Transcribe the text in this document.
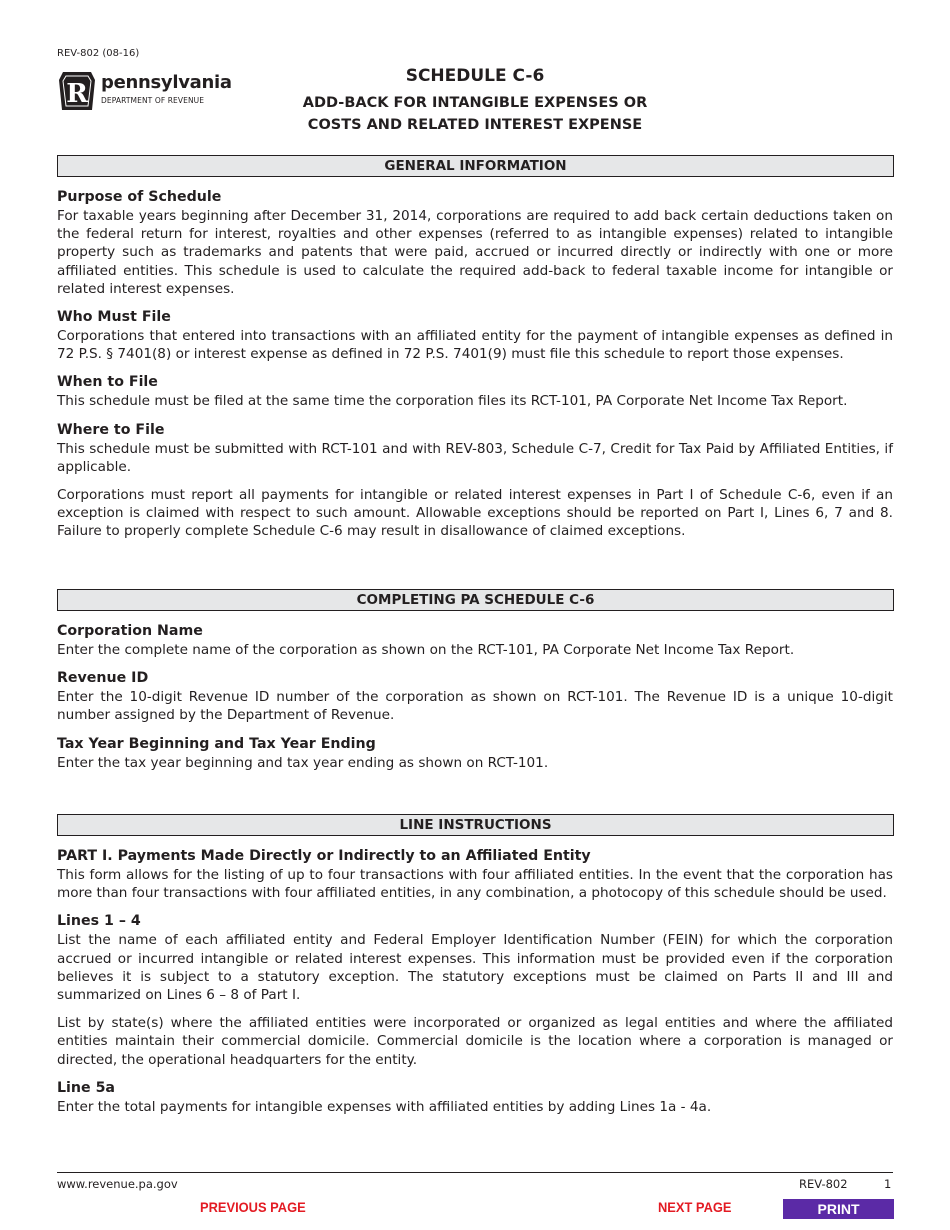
REV-802 (08-16)
R pennsylvania
DEPARTMENT OF REVENUE
SCHEDULE C-6
ADD-BACK FOR INTANGIBLE EXPENSES OR
COSTS AND RELATED INTEREST EXPENSE
GENERAL INFORMATION
Purpose of Schedule

For taxable years beginning after December 31, 2014, corporations are required to add back certain deductions taken on the federal return for interest, royalties and other expenses (referred to as intangible expenses) related to intangible property such as trademarks and patents that were paid, accrued or incurred directly or indirectly with one or more affiliated entities. This schedule is used to calculate the required add-back to federal taxable income for intangible or related interest expenses.

Who Must File

Corporations that entered into transactions with an affiliated entity for the payment of intangible expenses as defined in 72 P.S. § 7401(8) or interest expense as defined in 72 P.S. 7401(9) must file this schedule to report those expenses.

When to File

This schedule must be filed at the same time the corporation files its RCT-101, PA Corporate Net Income Tax Report.

Where to File

This schedule must be submitted with RCT-101 and with REV-803, Schedule C-7, Credit for Tax Paid by Affiliated Entities, if applicable.

Corporations must report all payments for intangible or related interest expenses in Part I of Schedule C-6, even if an exception is claimed with respect to such amount. Allowable exceptions should be reported on Part I, Lines 6, 7 and 8. Failure to properly complete Schedule C-6 may result in disallowance of claimed exceptions.

COMPLETING PA SCHEDULE C-6
Corporation Name

Enter the complete name of the corporation as shown on the RCT-101, PA Corporate Net Income Tax Report.

Revenue ID

Enter the 10-digit Revenue ID number of the corporation as shown on RCT-101. The Revenue ID is a unique 10-digit number assigned by the Department of Revenue.

Tax Year Beginning and Tax Year Ending

Enter the tax year beginning and tax year ending as shown on RCT-101.

LINE INSTRUCTIONS
PART I. Payments Made Directly or Indirectly to an Affiliated Entity

This form allows for the listing of up to four transactions with four affiliated entities. In the event that the corporation has more than four transactions with four affiliated entities, in any combination, a photocopy of this schedule should be used.

Lines 1 – 4

List the name of each affiliated entity and Federal Employer Identification Number (FEIN) for which the corporation accrued or incurred intangible or related interest expenses. This information must be provided even if the corporation believes it is subject to a statutory exception. The statutory exceptions must be claimed on Parts II and III and summarized on Lines 6 – 8 of Part I.

List by state(s) where the affiliated entities were incorporated or organized as legal entities and where the affiliated entities maintain their commercial domicile. Commercial domicile is the location where a corporation is managed or directed, the operational headquarters for the entity.

Line 5a

Enter the total payments for intangible expenses with affiliated entities by adding Lines 1a - 4a.

www.revenue.pa.gov	REV-802	1
PREVIOUS PAGE	NEXT PAGE	PRINT
